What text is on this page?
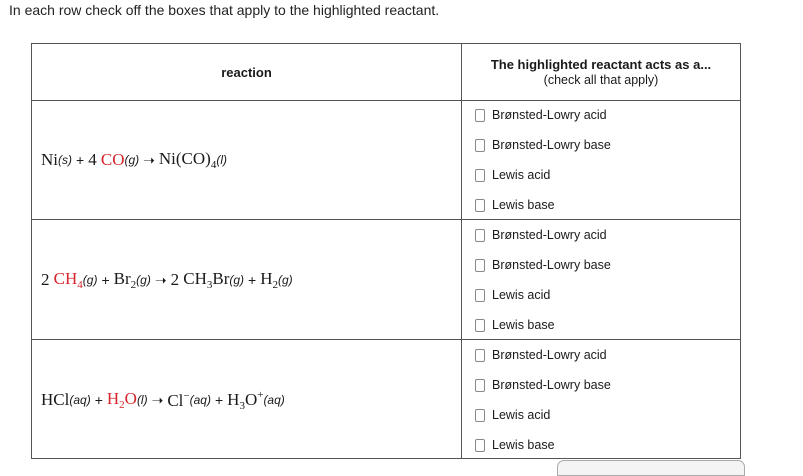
In each row check off the boxes that apply to the highlighted reactant.
reaction	The highlighted reactant acts as a...
(check all that apply)
Ni (s) + 4
CO (g) ➝ $Ni(CO)_4$ (l)
Brønsted-Lowry acid
Brønsted-Lowry base
Lewis acid
Lewis base
2
$CH_4$ $(g) + Br_2$ (g) ➝ 2
$CH_3Br$ $(g) + H_2$ (g)
Brønsted-Lowry acid
Brønsted-Lowry base
Lewis acid
Lewis base
HCl $(aq) + H_2O$ (l) ➝ Cl− $(aq) + H_3O^+$ (aq)
Brønsted-Lowry acid
Brønsted-Lowry base
Lewis acid
Lewis base
